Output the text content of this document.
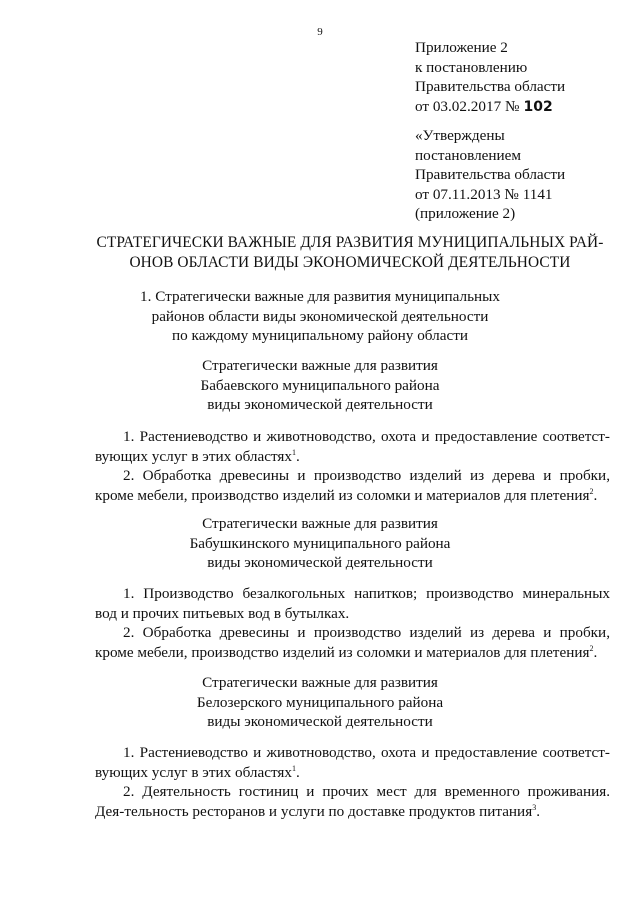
9
Приложение 2
к постановлению
Правительства области
от 03.02.2017 № 102
«Утверждены
постановлением
Правительства области
от 07.11.2013 № 1141
(приложение 2)
СТРАТЕГИЧЕСКИ ВАЖНЫЕ ДЛЯ РАЗВИТИЯ МУНИЦИПАЛЬНЫХ РАЙ-
ОНОВ ОБЛАСТИ ВИДЫ ЭКОНОМИЧЕСКОЙ ДЕЯТЕЛЬНОСТИ
1. Стратегически важные для развития муниципальных
районов области виды экономической деятельности
по каждому муниципальному району области
Стратегически важные для развития
Бабаевского муниципального района
виды экономической деятельности
1. Растениеводство и животноводство, охота и предоставление соответст-вующих услуг в этих областях$^1$.
2. Обработка древесины и производство изделий из дерева и пробки, кроме мебели, производство изделий из соломки и материалов для плетения$^2$.
Стратегически важные для развития
Бабушкинского муниципального района
виды экономической деятельности
1. Производство безалкогольных напитков; производство минеральных вод и прочих питьевых вод в бутылках.
2. Обработка древесины и производство изделий из дерева и пробки, кроме мебели, производство изделий из соломки и материалов для плетения$^2$.
Стратегически важные для развития
Белозерского муниципального района
виды экономической деятельности
1. Растениеводство и животноводство, охота и предоставление соответст-вующих услуг в этих областях$^1$.
2. Деятельность гостиниц и прочих мест для временного проживания. Дея-тельность ресторанов и услуги по доставке продуктов питания$^3$.
